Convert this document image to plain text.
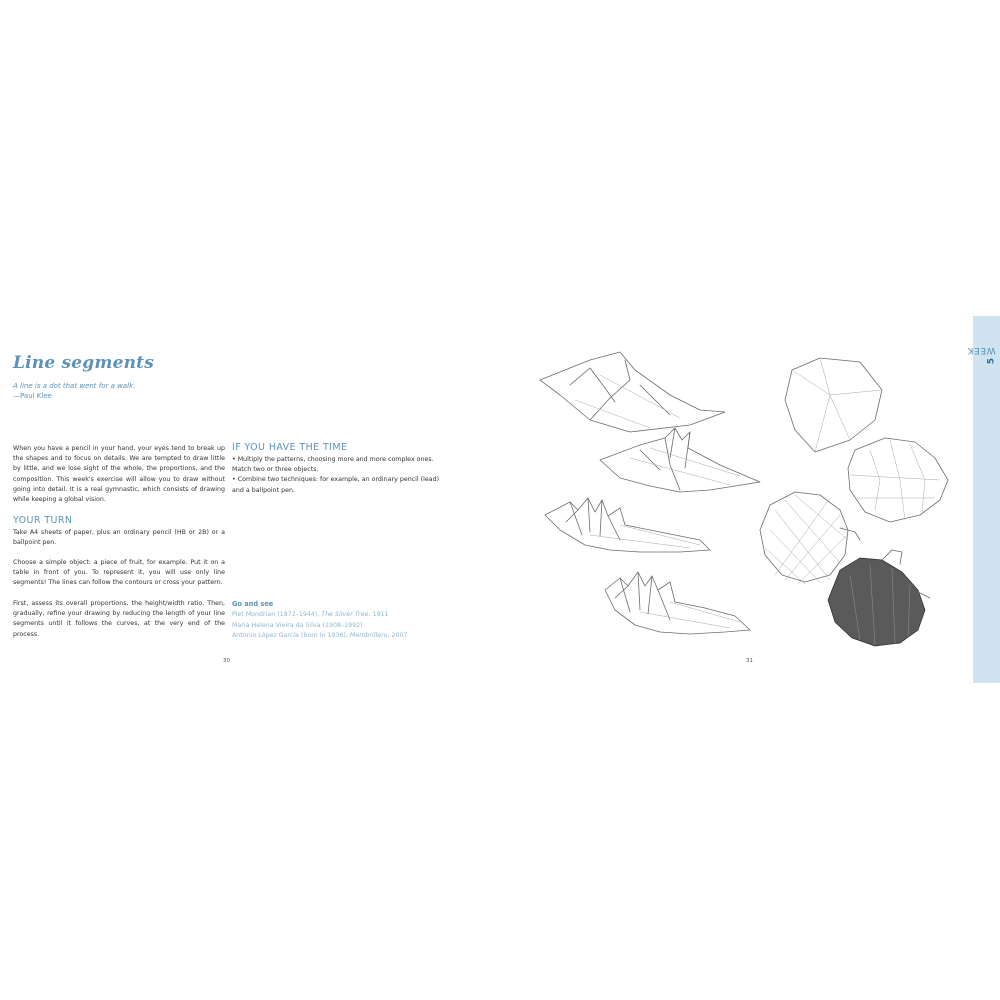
Line segments
A line is a dot that went for a walk.
—Paul Klee

When you have a pencil in your hand, your eyes tend to break up the shapes and to focus on details. We are tempted to draw little by little, and we lose sight of the whole, the proportions, and the composition. This week's exercise will allow you to draw without going into detail. It is a real gymnastic, which consists of drawing while keeping a global vision.

YOUR TURN

Take A4 sheets of paper, plus an ordinary pencil (HB or 2B) or a ballpoint pen.

Choose a simple object: a piece of fruit, for example. Put it on a table in front of you. To represent it, you will use only line segments! The lines can follow the contours or cross your pattern.

First, assess its overall proportions, the height/width ratio. Then, gradually, refine your drawing by reducing the length of your line segments until it follows the curves, at the very end of the process.

IF YOU HAVE THE TIME
• Multiply the patterns, choosing more and more complex ones. Match two or three objects.
• Combine two techniques: for example, an ordinary pencil (lead) and a ballpoint pen.
Go and see
Piet Mondrian (1872–1944), The Silver Tree, 1911
Maria Helena Vieira da Silva (1908–1992)
Antonio López García (born in 1936), Membrillero, 2007
30	31
WEEK
5
